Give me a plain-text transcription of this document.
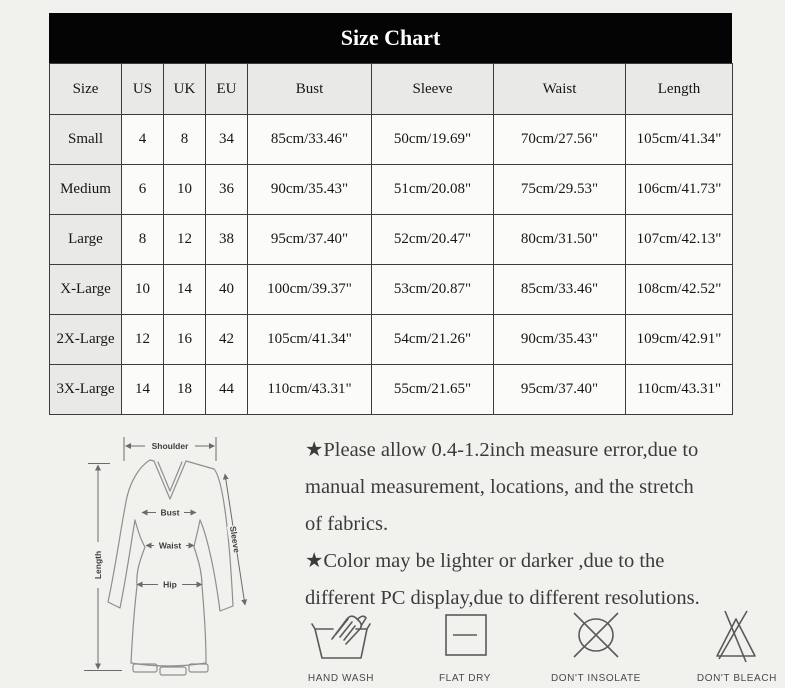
Size Chart
Size	US	UK	EU	Bust	Sleeve	Waist	Length
Small	4	8	34	85cm/33.46"	50cm/19.69"	70cm/27.56"	105cm/41.34"
Medium	6	10	36	90cm/35.43"	51cm/20.08"	75cm/29.53"	106cm/41.73"
Large	8	12	38	95cm/37.40"	52cm/20.47"	80cm/31.50"	107cm/42.13"
X-Large	10	14	40	100cm/39.37"	53cm/20.87"	85cm/33.46"	108cm/42.52"
2X-Large	12	16	42	105cm/41.34"	54cm/21.26"	90cm/35.43"	109cm/42.91"
3X-Large	14	18	44	110cm/43.31"	55cm/21.65"	95cm/37.40"	110cm/43.31"
Shoulder
Bust
Waist
Hip
Length
Sleeve
★Please allow 0.4-1.2inch measure error,due to
manual measurement, locations, and the stretch
of fabrics.
★Color may be lighter or darker ,due to the
different PC display,due to different resolutions.
HAND WASH	FLAT DRY	DON'T INSOLATE	DON'T BLEACH
